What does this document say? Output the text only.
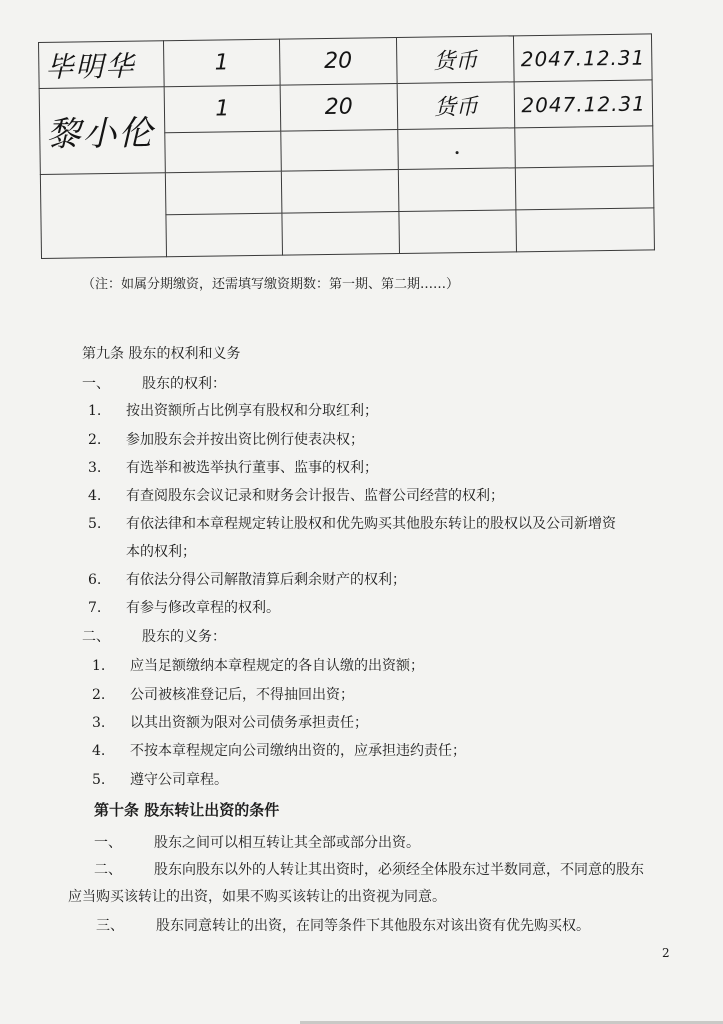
毕明华	1	20	货币	2047.12.31
黎小伦	1	20	货币	2047.12.31

（注：如属分期缴资，还需填写缴资期数：第一期、第二期……）
第九条 股东的权利和义务
一、 股东的权利：
1. 按出资额所占比例享有股权和分取红利；
2. 参加股东会并按出资比例行使表决权；
3. 有选举和被选举执行董事、监事的权利；
4. 有查阅股东会议记录和财务会计报告、监督公司经营的权利；
5. 有依法律和本章程规定转让股权和优先购买其他股东转让的股权以及公司新增资
本的权利；
6. 有依法分得公司解散清算后剩余财产的权利；
7. 有参与修改章程的权利。
二、 股东的义务：
1. 应当足额缴纳本章程规定的各自认缴的出资额；
2. 公司被核准登记后，不得抽回出资；
3. 以其出资额为限对公司债务承担责任；
4. 不按本章程规定向公司缴纳出资的，应承担违约责任；
5. 遵守公司章程。
第十条 股东转让出资的条件
一、 股东之间可以相互转让其全部或部分出资。
二、 股东向股东以外的人转让其出资时，必须经全体股东过半数同意，不同意的股东
应当购买该转让的出资，如果不购买该转让的出资视为同意。
三、 股东同意转让的出资，在同等条件下其他股东对该出资有优先购买权。
2
